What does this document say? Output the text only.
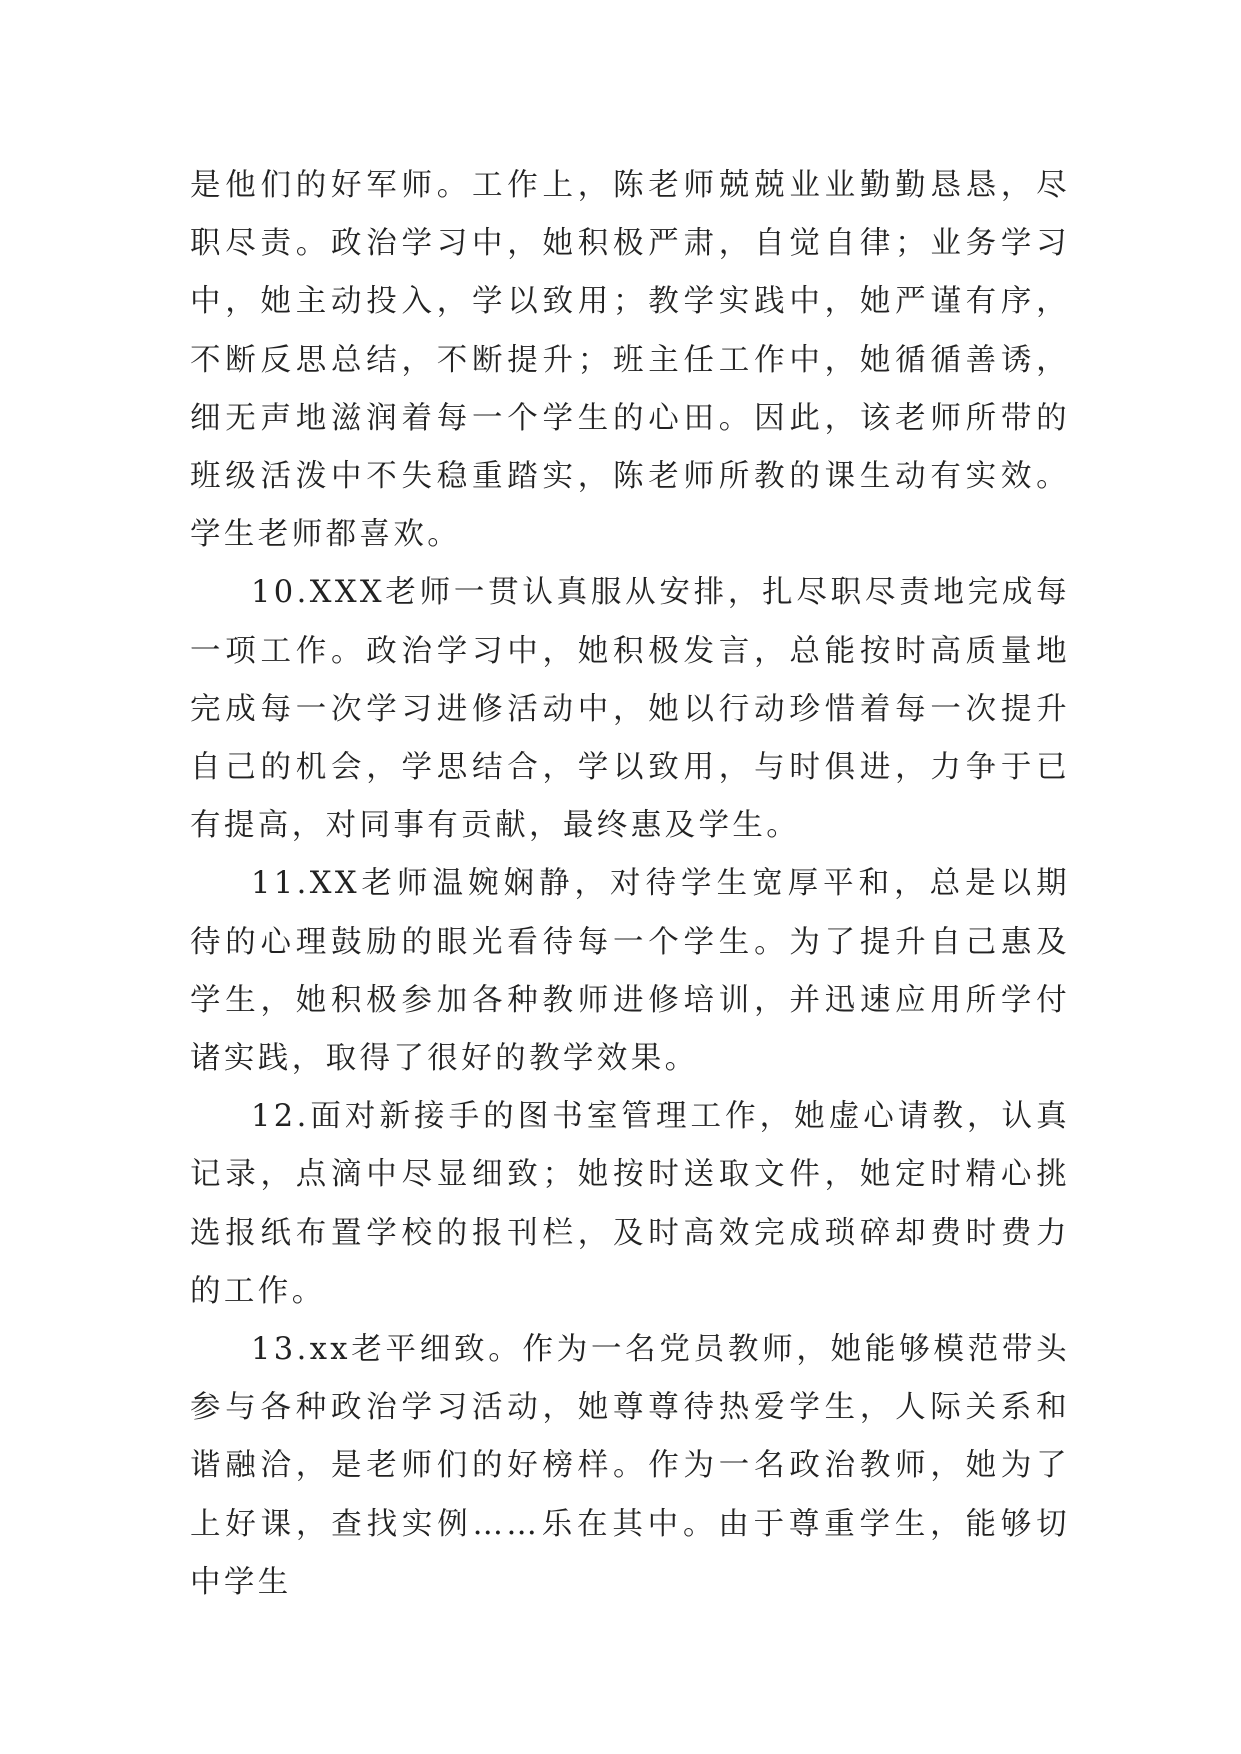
是他们的好军师。工作上，陈老师兢兢业业勤勤恳恳，尽职尽责。政治学习中，她积极严肃，自觉自律；业务学习中，她主动投入，学以致用；教学实践中，她严谨有序，不断反思总结，不断提升；班主任工作中，她循循善诱，细无声地滋润着每一个学生的心田。因此，该老师所带的班级活泼中不失稳重踏实，陈老师所教的课生动有实效。学生老师都喜欢。

10.XXX老师一贯认真服从安排，扎尽职尽责地完成每一项工作。政治学习中，她积极发言，总能按时高质量地完成每一次学习进修活动中，她以行动珍惜着每一次提升自己的机会，学思结合，学以致用，与时俱进，力争于已有提高，对同事有贡献，最终惠及学生。

11.XX老师温婉娴静，对待学生宽厚平和，总是以期待的心理鼓励的眼光看待每一个学生。为了提升自己惠及学生，她积极参加各种教师进修培训，并迅速应用所学付诸实践，取得了很好的教学效果。

12.面对新接手的图书室管理工作，她虚心请教，认真记录，点滴中尽显细致；她按时送取文件，她定时精心挑选报纸布置学校的报刊栏，及时高效完成琐碎却费时费力的工作。

13.xx老平细致。作为一名党员教师，她能够模范带头参与各种政治学习活动，她尊尊待热爱学生，人际关系和谐融洽，是老师们的好榜样。作为一名政治教师，她为了上好课，查找实例……乐在其中。由于尊重学生，能够切中学生
